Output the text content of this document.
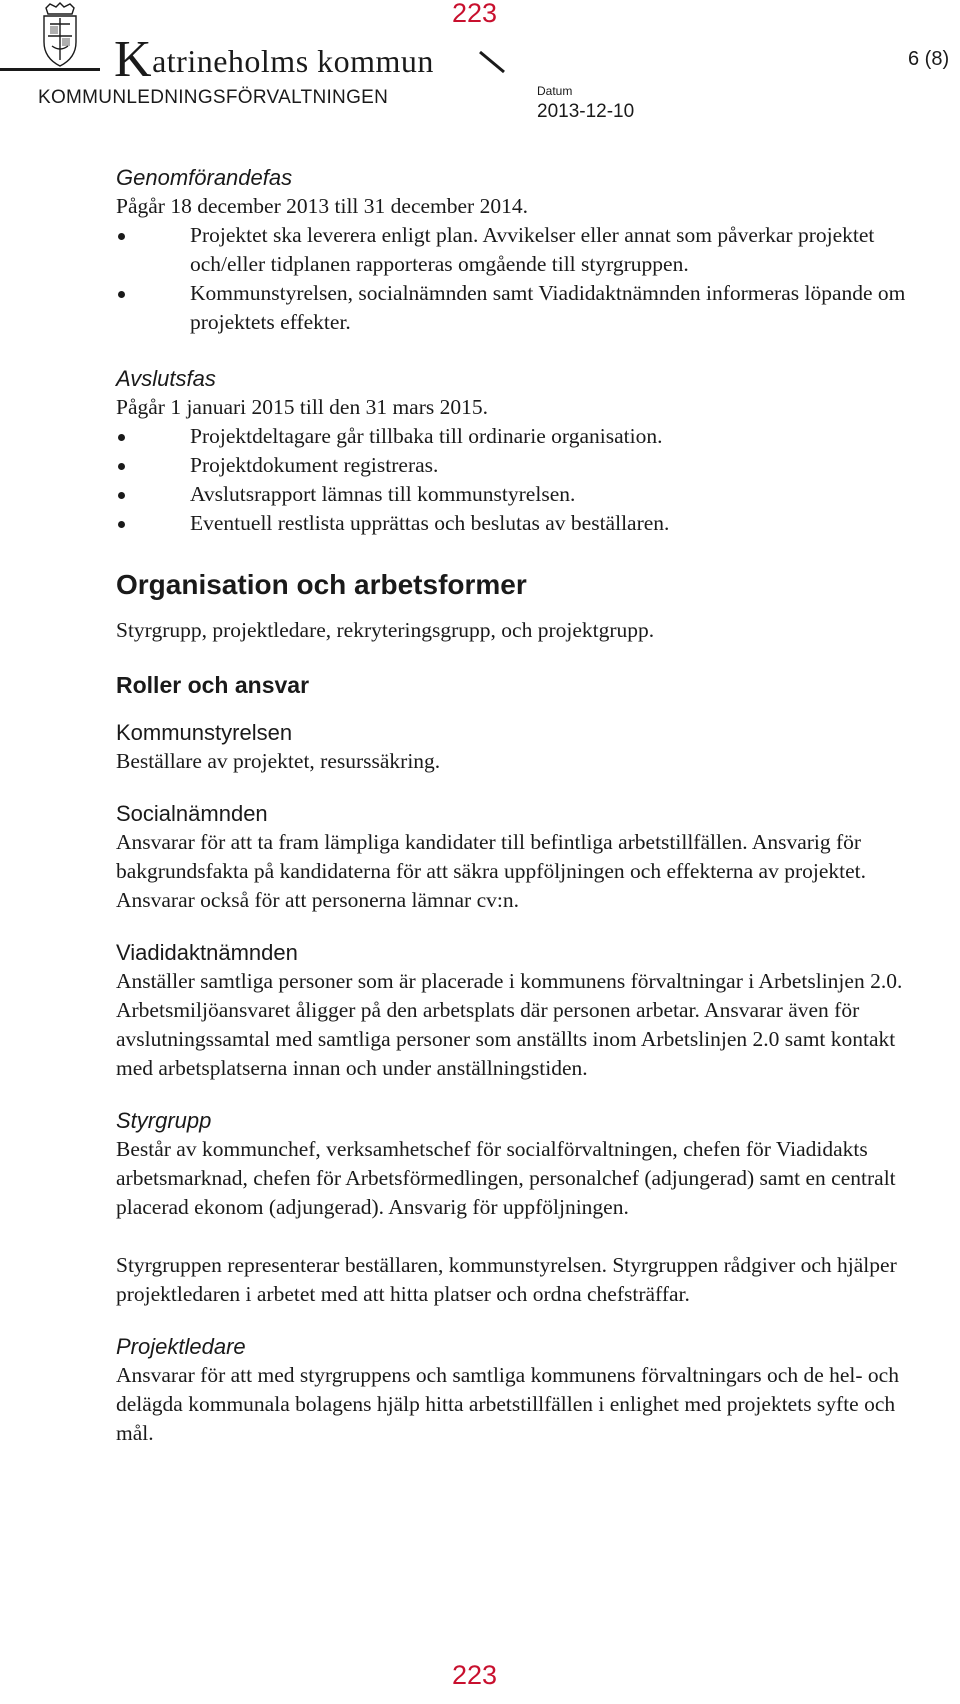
223
Katrineholms kommun	6 (8)
KOMMUNLEDNINGSFÖRVALTNINGEN	Datum
2013-12-10
Genomförandefas

Pågår 18 december 2013 till 31 december 2014.

Projektet ska leverera enligt plan. Avvikelser eller annat som påverkar projektet och/eller tidplanen rapporteras omgående till styrgruppen.
Kommunstyrelsen, socialnämnden samt Viadidaktnämnden informeras löpande om projektets effekter.
Avslutsfas

Pågår 1 januari 2015 till den 31 mars 2015.

Projektdeltagare går tillbaka till ordinarie organisation.
Projektdokument registreras.
Avslutsrapport lämnas till kommunstyrelsen.
Eventuell restlista upprättas och beslutas av beställaren.
Organisation och arbetsformer

Styrgrupp, projektledare, rekryteringsgrupp, och projektgrupp.

Roller och ansvar
Kommunstyrelsen

Beställare av projektet, resurssäkring.

Socialnämnden

Ansvarar för att ta fram lämpliga kandidater till befintliga arbetstillfällen. Ansvarig för bakgrundsfakta på kandidaterna för att säkra uppföljningen och effekterna av projektet. Ansvarar också för att personerna lämnar cv:n.

Viadidaktnämnden

Anställer samtliga personer som är placerade i kommunens förvaltningar i Arbetslinjen 2.0. Arbetsmiljöansvaret åligger på den arbetsplats där personen arbetar. Ansvarar även för avslutningssamtal med samtliga personer som anställts inom Arbetslinjen 2.0 samt kontakt med arbetsplatserna innan och under anställningstiden.

Styrgrupp

Består av kommunchef, verksamhetschef för socialförvaltningen, chefen för Viadidakts arbetsmarknad, chefen för Arbetsförmedlingen, personalchef (adjungerad) samt en centralt placerad ekonom (adjungerad). Ansvarig för uppföljningen.

Styrgruppen representerar beställaren, kommunstyrelsen. Styrgruppen rådgiver och hjälper projektledaren i arbetet med att hitta platser och ordna chefsträffar.

Projektledare

Ansvarar för att med styrgruppens och samtliga kommunens förvaltningars och de hel- och delägda kommunala bolagens hjälp hitta arbetstillfällen i enlighet med projektets syfte och mål.

223
